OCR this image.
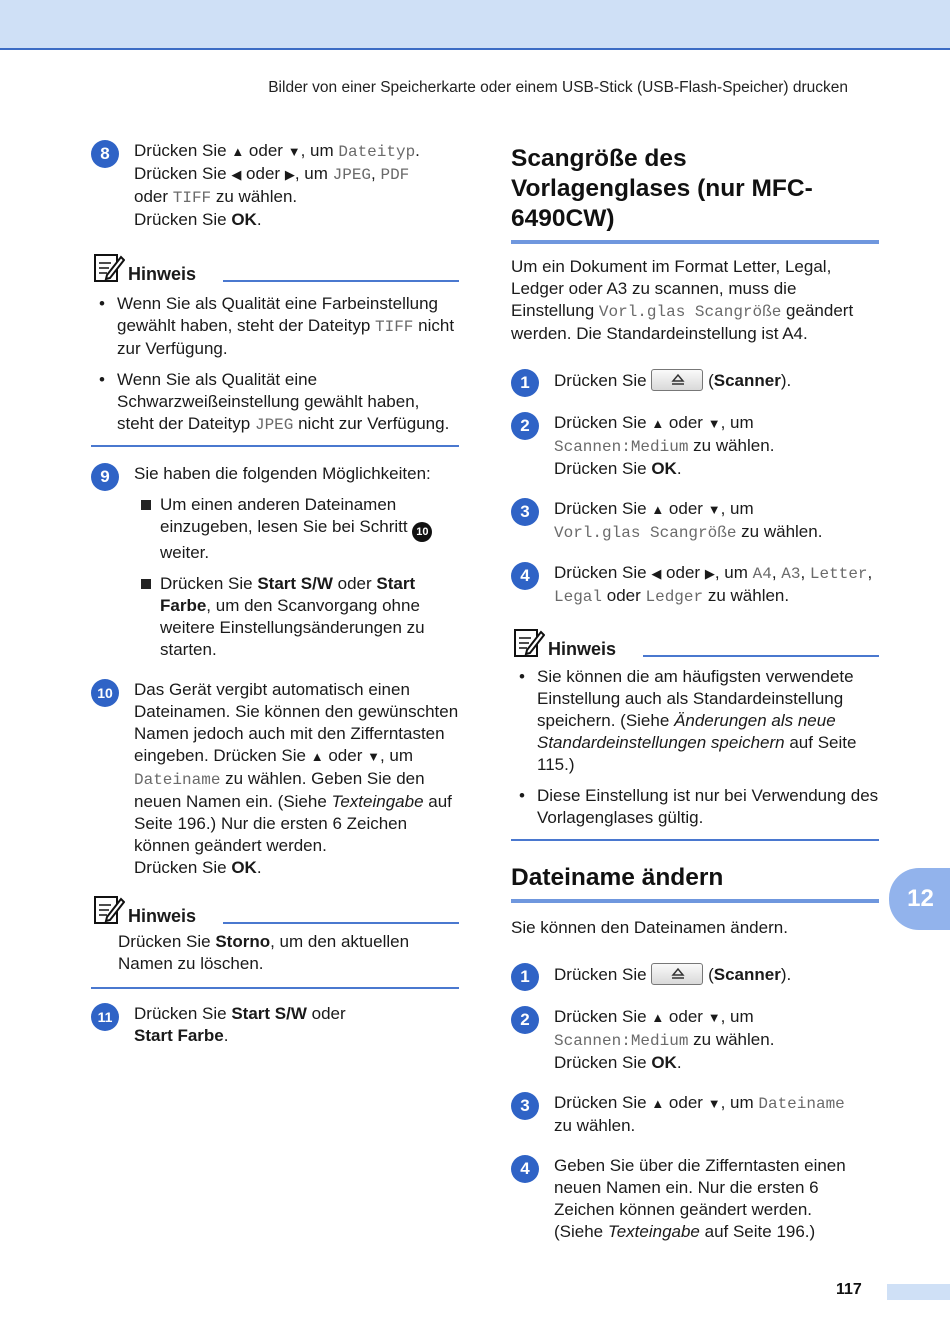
Bilder von einer Speicherkarte oder einem USB-Stick (USB-Flash-Speicher) drucken
8	Drücken Sie ▲ oder ▼, um Dateityp.
Drücken Sie ◀ oder ▶, um JPEG, PDF
oder TIFF zu wählen.
Drücken Sie OK.
Hinweis
• Wenn Sie als Qualität eine Farbeinstellung gewählt haben, steht der Dateityp TIFF nicht zur Verfügung.
• Wenn Sie als Qualität eine Schwarzweißeinstellung gewählt haben, steht der Dateityp JPEG nicht zur Verfügung.
9	Sie haben die folgenden Möglichkeiten:
Um einen anderen Dateinamen einzugeben, lesen Sie bei Schritt 10
weiter.
Drücken Sie Start S/W oder Start Farbe, um den Scanvorgang ohne weitere Einstellungsänderungen zu starten.
10	Das Gerät vergibt automatisch einen Dateinamen. Sie können den gewünschten Namen jedoch auch mit den Zifferntasten eingeben. Drücken Sie ▲ oder ▼, um Dateiname zu wählen. Geben Sie den neuen Namen ein. (Siehe Texteingabe auf Seite 196.) Nur die ersten 6 Zeichen können geändert werden.
Drücken Sie OK.
Hinweis
Drücken Sie Storno, um den aktuellen Namen zu löschen.
11	Drücken Sie Start S/W oder
Start Farbe.
Scangröße des Vorlagenglases (nur MFC-6490CW)

Um ein Dokument im Format Letter, Legal, Ledger oder A3 zu scannen, muss die Einstellung Vorl.glas Scangröße geändert werden. Die Standardeinstellung ist A4.

1	Drücken Sie	(Scanner).
2	Drücken Sie ▲ oder ▼, um Scannen:Medium zu wählen.
Drücken Sie OK.
3	Drücken Sie ▲ oder ▼, um
Vorl.glas Scangröße zu wählen.
4	Drücken Sie ◀ oder ▶, um A4, A3, Letter, Legal oder Ledger zu wählen.
Hinweis
• Sie können die am häufigsten verwendete Einstellung auch als Standardeinstellung speichern. (Siehe Änderungen als neue Standardeinstellungen speichern auf Seite 115.)
• Diese Einstellung ist nur bei Verwendung des Vorlagenglases gültig.
Dateiname ändern

Sie können den Dateinamen ändern.

1	Drücken Sie	(Scanner).
2	Drücken Sie ▲ oder ▼, um Scannen:Medium zu wählen.
Drücken Sie OK.
3	Drücken Sie ▲ oder ▼, um Dateiname
zu wählen.
4	Geben Sie über die Zifferntasten einen neuen Namen ein. Nur die ersten 6 Zeichen können geändert werden.
(Siehe Texteingabe auf Seite 196.)
12
117
